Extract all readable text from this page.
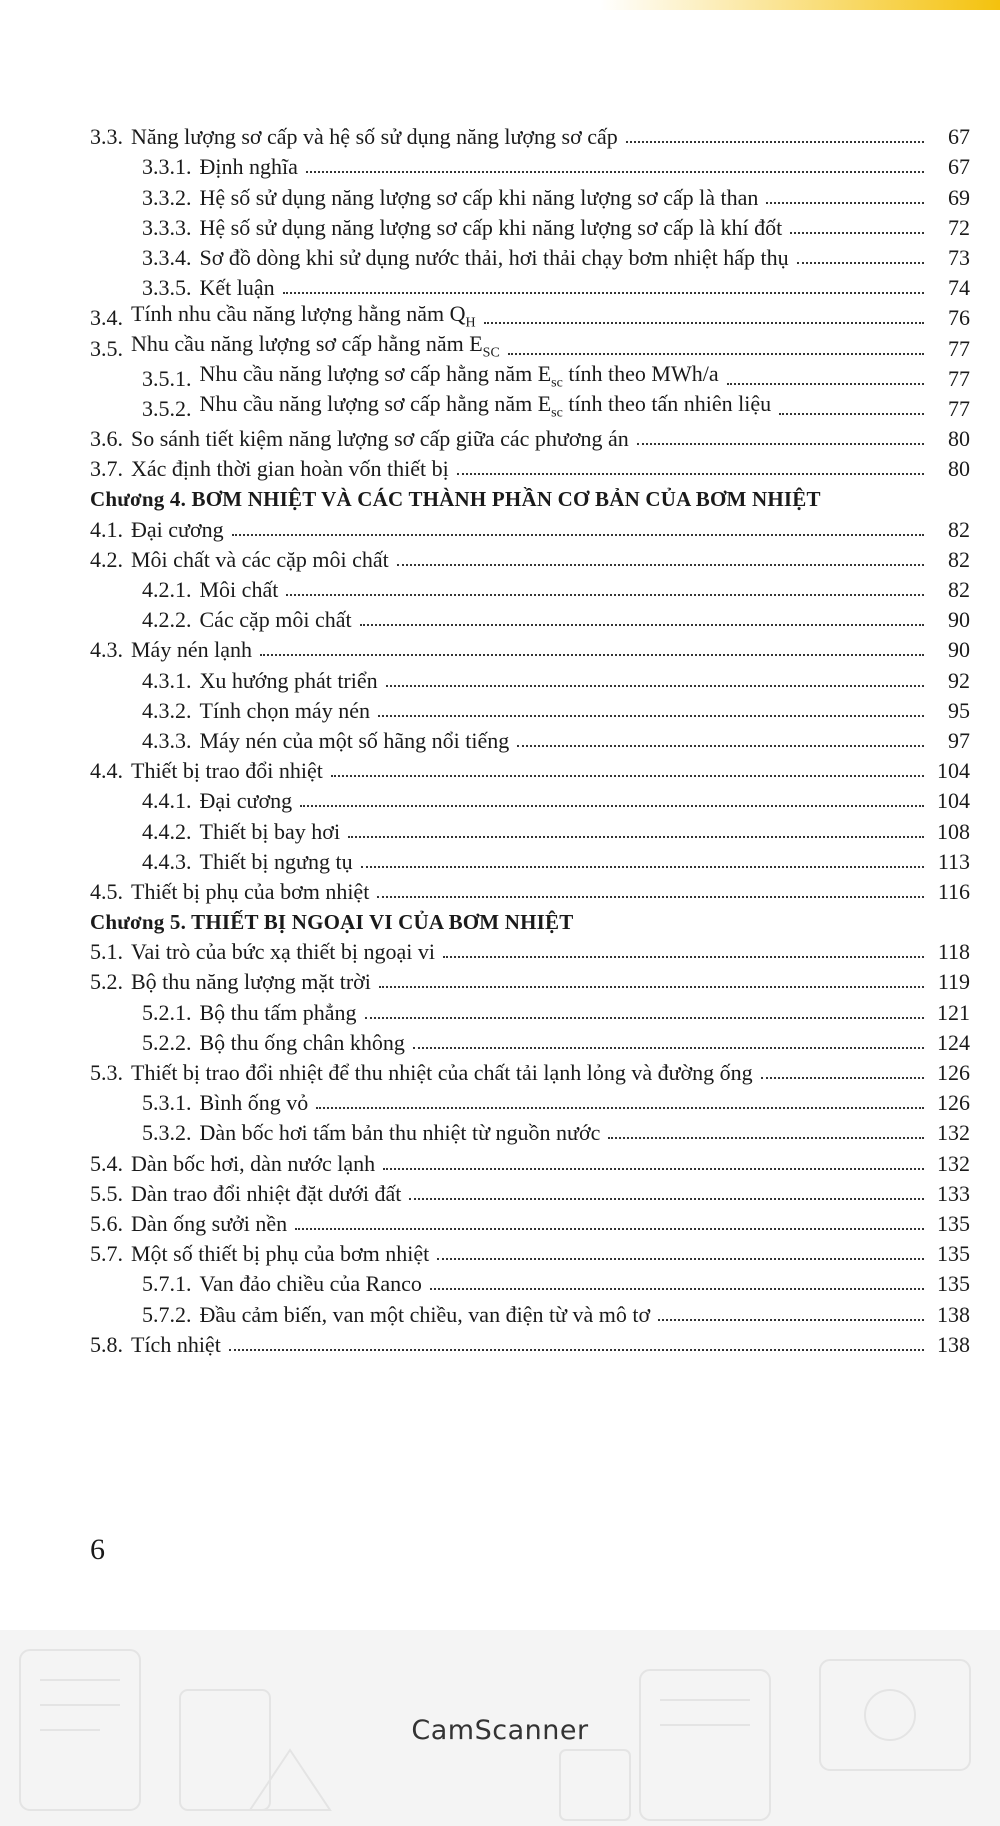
3.3. Năng lượng sơ cấp và hệ số sử dụng năng lượng sơ cấp	67
3.3.1. Định nghĩa	67
3.3.2. Hệ số sử dụng năng lượng sơ cấp khi năng lượng sơ cấp là than	69
3.3.3. Hệ số sử dụng năng lượng sơ cấp khi năng lượng sơ cấp là khí đốt	72
3.3.4. Sơ đồ dòng khi sử dụng nước thải, hơi thải chạy bơm nhiệt hấp thụ	73
3.3.5. Kết luận	74
3.4. Tính nhu cầu năng lượng hằng năm $Q_H$	76
3.5. Nhu cầu năng lượng sơ cấp hằng năm $E_{SC}$	77
3.5.1. Nhu cầu năng lượng sơ cấp hằng năm $E_{sc}$ tính theo MWh/a	77
3.5.2. Nhu cầu năng lượng sơ cấp hằng năm $E_{sc}$ tính theo tấn nhiên liệu	77
3.6. So sánh tiết kiệm năng lượng sơ cấp giữa các phương án	80
3.7. Xác định thời gian hoàn vốn thiết bị	80
Chương 4. BƠM NHIỆT VÀ CÁC THÀNH PHẦN CƠ BẢN CỦA BƠM NHIỆT
4.1. Đại cương	82
4.2. Môi chất và các cặp môi chất	82
4.2.1. Môi chất	82
4.2.2. Các cặp môi chất	90
4.3. Máy nén lạnh	90
4.3.1. Xu hướng phát triển	92
4.3.2. Tính chọn máy nén	95
4.3.3. Máy nén của một số hãng nổi tiếng	97
4.4. Thiết bị trao đổi nhiệt	104
4.4.1. Đại cương	104
4.4.2. Thiết bị bay hơi	108
4.4.3. Thiết bị ngưng tụ	113
4.5. Thiết bị phụ của bơm nhiệt	116
Chương 5. THIẾT BỊ NGOẠI VI CỦA BƠM NHIỆT
5.1. Vai trò của bức xạ thiết bị ngoại vi	118
5.2. Bộ thu năng lượng mặt trời	119
5.2.1. Bộ thu tấm phẳng	121
5.2.2. Bộ thu ống chân không	124
5.3. Thiết bị trao đổi nhiệt để thu nhiệt của chất tải lạnh lỏng và đường ống	126
5.3.1. Bình ống vỏ	126
5.3.2. Dàn bốc hơi tấm bản thu nhiệt từ nguồn nước	132
5.4. Dàn bốc hơi, dàn nước lạnh	132
5.5. Dàn trao đổi nhiệt đặt dưới đất	133
5.6. Dàn ống sưởi nền	135
5.7. Một số thiết bị phụ của bơm nhiệt	135
5.7.1. Van đảo chiều của Ranco	135
5.7.2. Đầu cảm biến, van một chiều, van điện từ và mô tơ	138
5.8. Tích nhiệt	138
6
CamScanner
